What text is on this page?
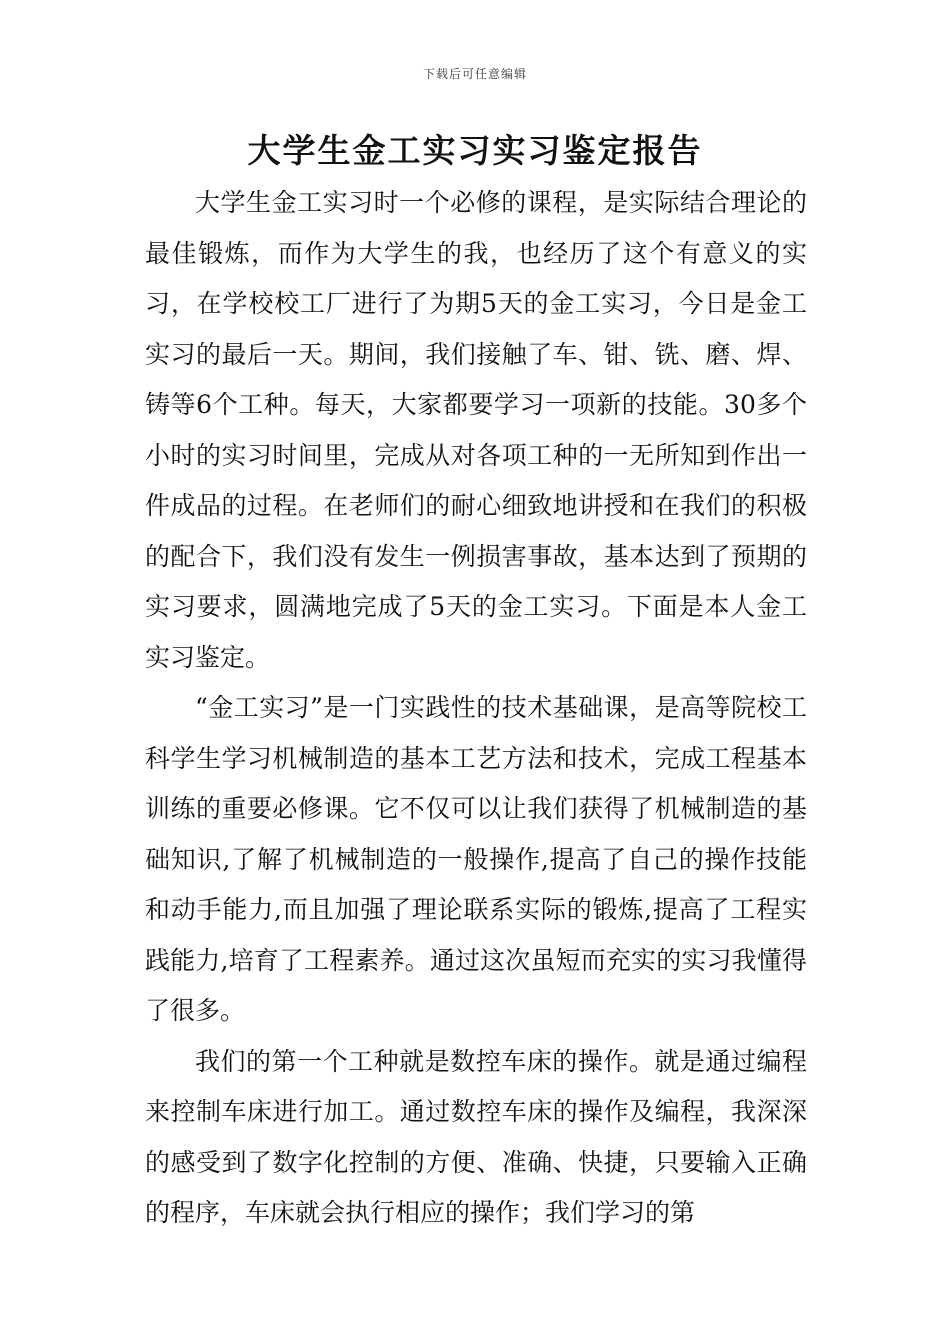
下载后可任意编辑
大学生金工实习实习鉴定报告

大学生金工实习时一个必修的课程，是实际结合理论的最佳锻炼，而作为大学生的我，也经历了这个有意义的实习，在学校校工厂进行了为期5天的金工实习，今日是金工实习的最后一天。期间，我们接触了车、钳、铣、磨、焊、铸等6个工种。每天，大家都要学习一项新的技能。30多个小时的实习时间里，完成从对各项工种的一无所知到作出一件成品的过程。在老师们的耐心细致地讲授和在我们的积极的配合下，我们没有发生一例损害事故，基本达到了预期的实习要求，圆满地完成了5天的金工实习。下面是本人金工实习鉴定。

“金工实习”是一门实践性的技术基础课，是高等院校工科学生学习机械制造的基本工艺方法和技术，完成工程基本训练的重要必修课。它不仅可以让我们获得了机械制造的基础知识,了解了机械制造的一般操作,提高了自己的操作技能和动手能力,而且加强了理论联系实际的锻炼,提高了工程实践能力,培育了工程素养。通过这次虽短而充实的实习我懂得了很多。

我们的第一个工种就是数控车床的操作。就是通过编程来控制车床进行加工。通过数控车床的操作及编程，我深深的感受到了数字化控制的方便、准确、快捷，只要输入正确的程序，车床就会执行相应的操作；我们学习的第
